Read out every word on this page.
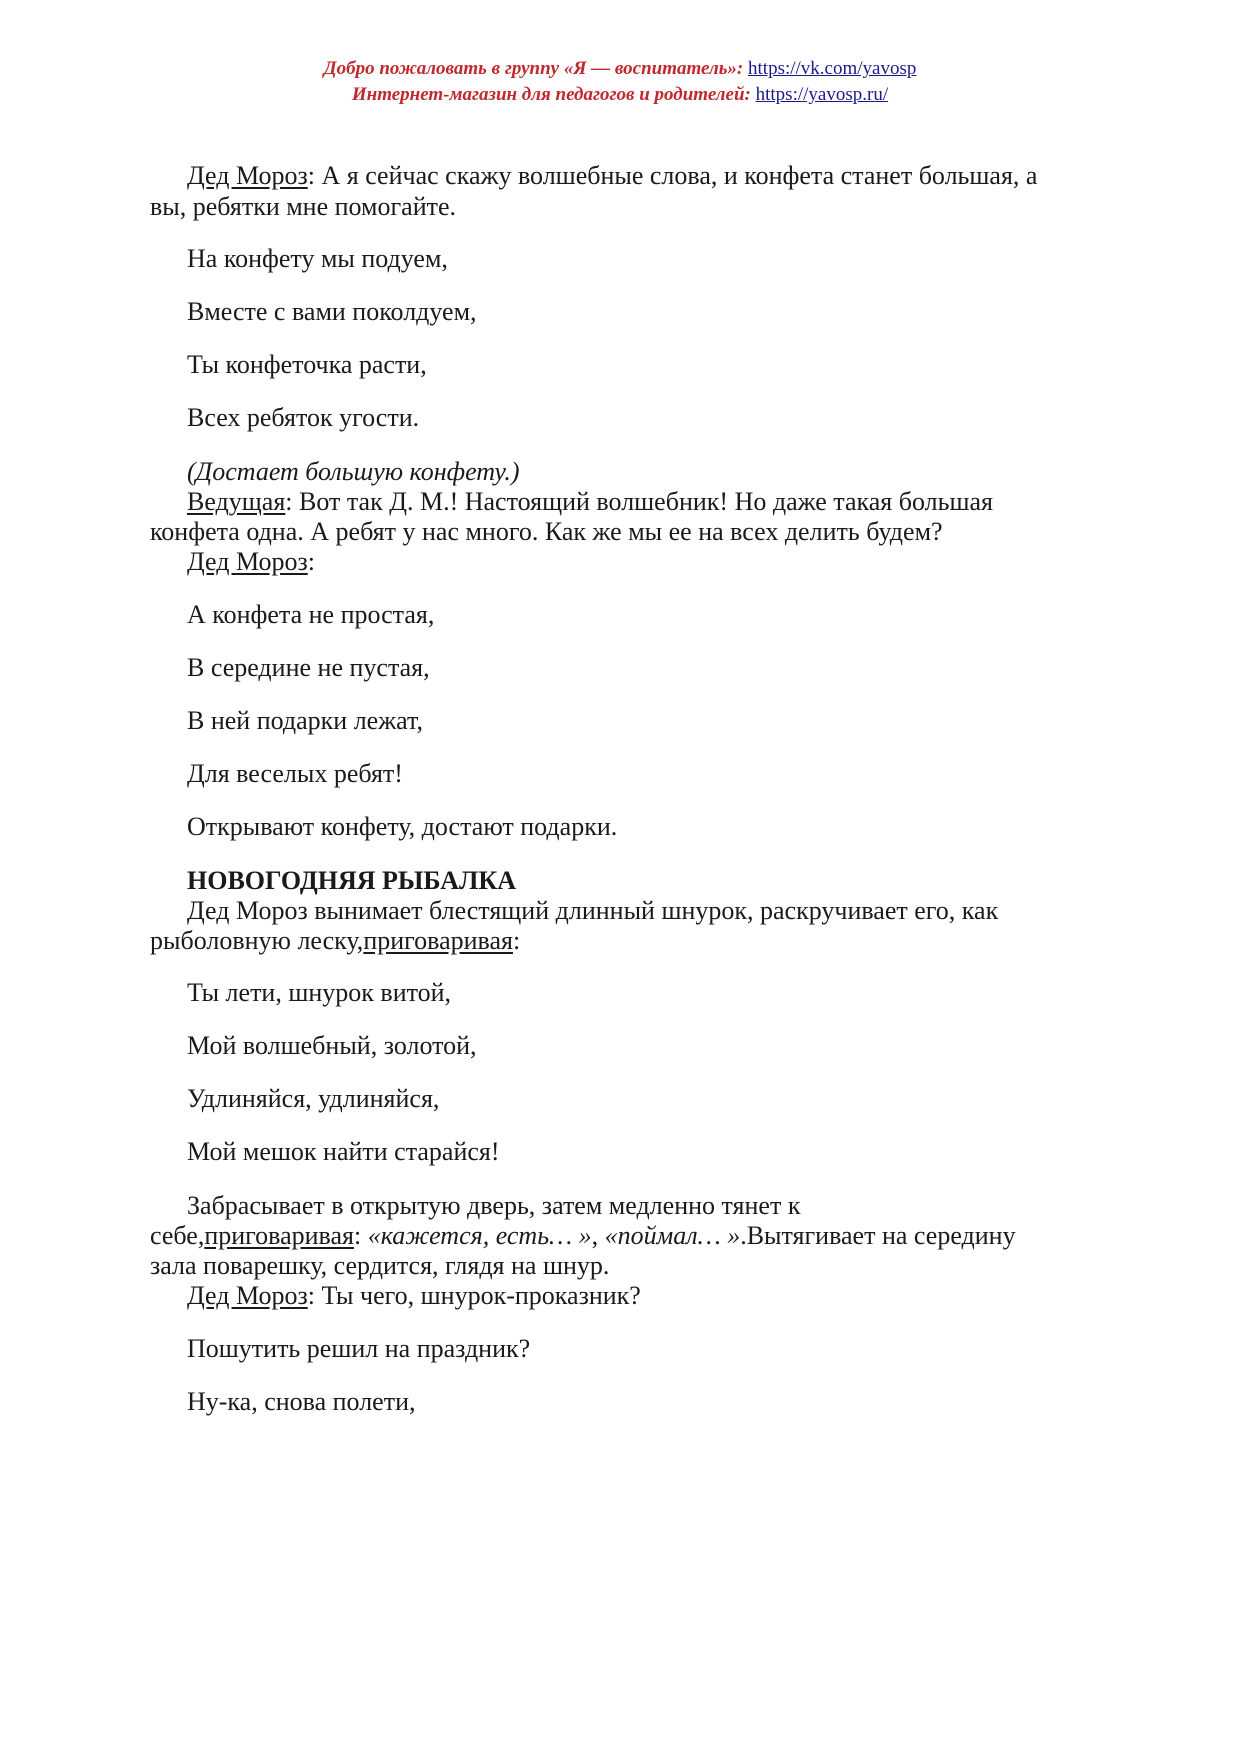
Добро пожаловать в группу «Я — воспитатель»: https://vk.com/yavosp
Интернет-магазин для педагогов и родителей: https://yavosp.ru/

Дед Мороз: А я сейчас скажу волшебные слова, и конфета станет большая, а

вы, ребятки мне помогайте.

На конфету мы подуем,

Вместе с вами поколдуем,

Ты конфеточка расти,

Всех ребяток угости.

(Достает большую конфету.)

Ведущая: Вот так Д. М.! Настоящий волшебник! Но даже такая большая

конфета одна. А ребят у нас много. Как же мы ее на всех делить будем?

Дед Мороз:

А конфета не простая,

В середине не пустая,

В ней подарки лежат,

Для веселых ребят!

Открывают конфету, достают подарки.

НОВОГОДНЯЯ РЫБАЛКА

Дед Мороз вынимает блестящий длинный шнурок, раскручивает его, как

рыболовную леску,приговаривая:

Ты лети, шнурок витой,

Мой волшебный, золотой,

Удлиняйся, удлиняйся,

Мой мешок найти старайся!

Забрасывает в открытую дверь, затем медленно тянет к

себе,приговаривая: «кажется, есть… », «поймал… ».Вытягивает на середину

зала поварешку, сердится, глядя на шнур.

Дед Мороз: Ты чего, шнурок-проказник?

Пошутить решил на праздник?

Ну-ка, снова полети,
